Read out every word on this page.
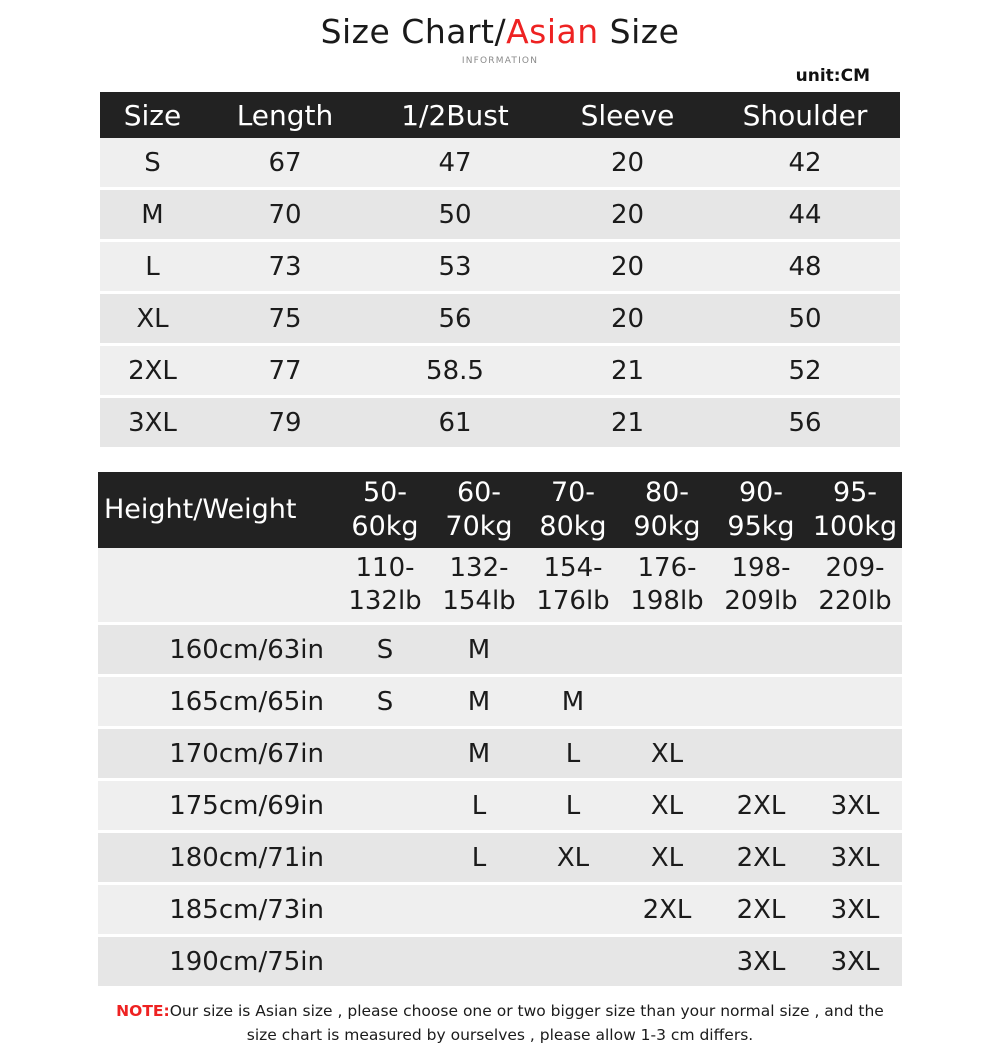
Size Chart/Asian Size
INFORMATION
unit:CM
Size	Length	1/2Bust	Sleeve	Shoulder
S	67	47	20	42
M	70	50	20	44
L	73	53	20	48
XL	75	56	20	50
2XL	77	58.5	21	52
3XL	79	61	21	56
Height/Weight	50-60kg	60-70kg	70-80kg	80-90kg	90-95kg	95-100kg
	110-132lb	132-154lb	154-176lb	176-198lb	198-209lb	209-220lb
160cm/63in	S	M				
165cm/65in	S	M	M			
170cm/67in		M	L	XL		
175cm/69in		L	L	XL	2XL	3XL
180cm/71in		L	XL	XL	2XL	3XL
185cm/73in				2XL	2XL	3XL
190cm/75in					3XL	3XL
NOTE:Our size is Asian size , please choose one or two bigger size than your normal size , and the size chart is measured by ourselves , please allow 1-3 cm differs.
